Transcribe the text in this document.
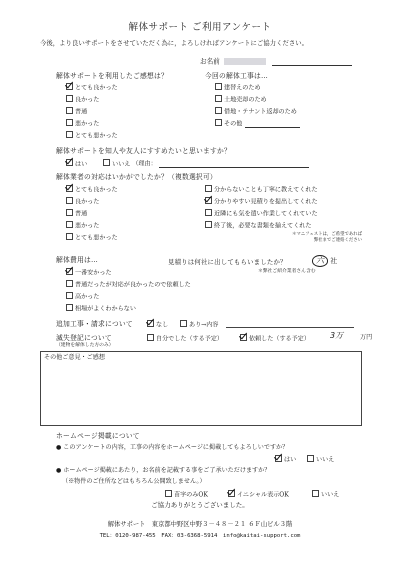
解体サポート ご利用アンケート
今後，より良いサポートをさせていただく為に，よろしければアンケートにご協力ください。
お名前
解体サポートを利用したご感想は？
とても良かった
良かった
普通
悪かった
とても悪かった
今回の解体工事は…
建替えのため
土地売却のため
借地・テナント返却のため
その他
解体サポートを知人や友人にすすめたいと思いますか？
はい	いいえ （理由：
解体業者の対応はいかがでしたか？（複数選択可）
とても良かった
良かった
普通
悪かった
とても悪かった
分からないことも丁寧に教えてくれた
分かりやすい見積りを提出してくれた
近隣にも気を遣い作業してくれていた
終了後，必要な書類を揃えてくれた
＊マニフェストは，ご希望であれば
弊社までご連絡ください
解体費用は…
一番安かった
普通だったが対応が良かったので依頼した
高かった
相場がよくわからない
見積りは何社に出してもらいましたか？	六 社
＊弊社ご紹介業者さん含む
追加工事・請求について	なし	あり→内容
滅失登記について
（建物を解体した方のみ）
自分でした（する予定）	依頼した（する予定）	3万	万円
その他ご意見・ご感想
ホームページ掲載について
● このアンケートの内容，工事の内容をホームページに掲載してもよろしいですか？
はい	いいえ
● ホームページ掲載にあたり，お名前を記載する事をご了承いただけますか？
（※物件のご住所などはもちろん公開致しません。）
苗字のみOK	イニシャル表示OK	いいえ
ご協力ありがとうございました。
解体サポート　東京都中野区中野３－４８－２１ ６Ｆ山ビル３階
TEL：0120-987-455　FAX：03-6368-5914　info@kaitai-support.com
